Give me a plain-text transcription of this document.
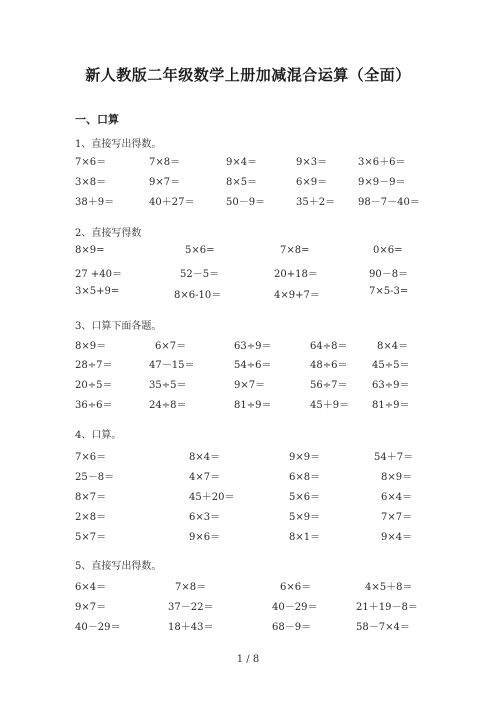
新人教版二年级数学上册加减混合运算（全面）
一、口算
1、直接写出得数。
7×6＝	7×8＝	9×4＝	9×3＝	3×6＋6＝
3×8＝	9×7＝	8×5＝	6×9＝	9×9－9＝
38＋9＝	40＋27＝	50－9＝	35＋2＝ 98－7－40＝
2、直接写得数
8×9=	5×6=	7×8=	0×6=
27 +40＝	52－5＝	20+18＝	90－8＝
3×5+9=	8×6-10＝	4×9+7＝	7×5-3=
3、口算下面各题。
8×9＝	6×7＝	63÷9＝	64÷8＝	8×4＝
28÷7＝	47－15＝	54÷6＝	48÷6＝ 45÷5＝
20÷5＝	35÷5＝	9×7＝	56÷7＝ 63÷9＝
36÷6＝	24÷8＝	81÷9＝	45＋9＝ 81÷9＝
4、口算。
7×6＝	8×4＝	9×9＝	54＋7＝
25－8＝	4×7＝	6×8＝	8×9＝
8×7＝	45＋20＝	5×6＝	6×4＝
2×8＝	6×3＝	5×9＝	7×7＝
5×7＝	9×6＝	8×1＝	9×4＝
5、直接写出得数。
6×4＝	7×8＝	6×6＝	4×5＋8＝
9×7＝	37－22＝	40－29＝	21＋19－8＝
40－29＝	18＋43＝	68－9＝	58－7×4＝
1 / 8
